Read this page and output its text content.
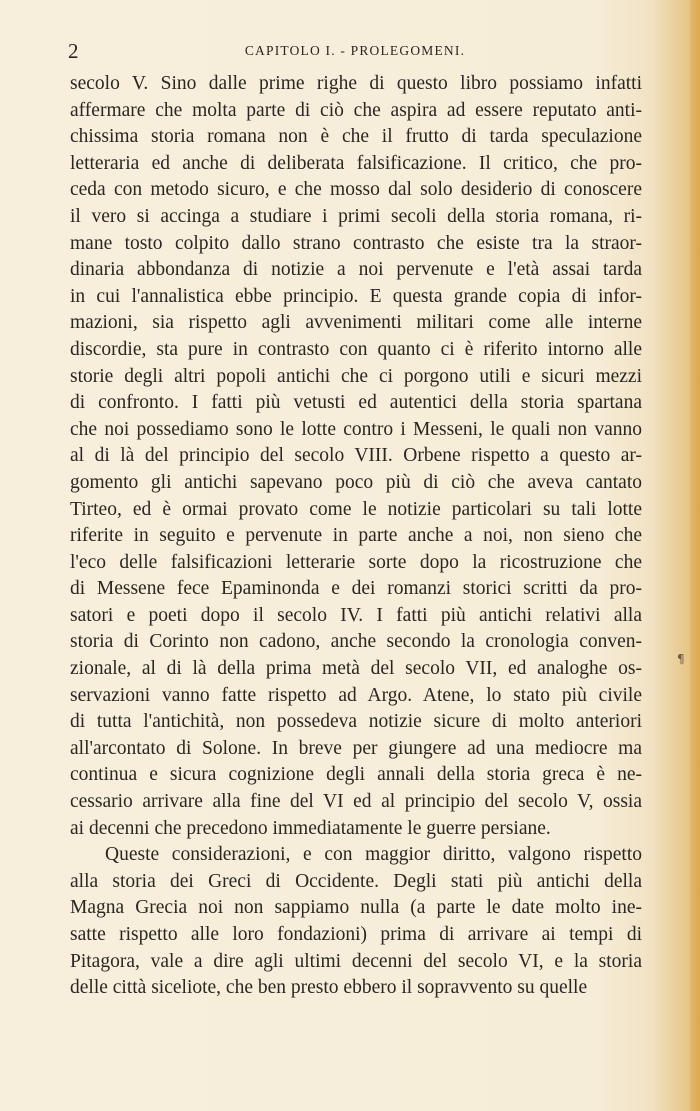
2	CAPITOLO I. - PROLEGOMENI.
secolo V. Sino dalle prime righe di questo libro possiamo infatti
affermare che molta parte di ciò che aspira ad essere reputato anti-
chissima storia romana non è che il frutto di tarda speculazione
letteraria ed anche di deliberata falsificazione. Il critico, che pro-
ceda con metodo sicuro, e che mosso dal solo desiderio di conoscere
il vero si accinga a studiare i primi secoli della storia romana, ri-
mane tosto colpito dallo strano contrasto che esiste tra la straor-
dinaria abbondanza di notizie a noi pervenute e l'età assai tarda
in cui l'annalistica ebbe principio. E questa grande copia di infor-
mazioni, sia rispetto agli avvenimenti militari come alle interne
discordie, sta pure in contrasto con quanto ci è riferito intorno alle
storie degli altri popoli antichi che ci porgono utili e sicuri mezzi
di confronto. I fatti più vetusti ed autentici della storia spartana
che noi possediamo sono le lotte contro i Messeni, le quali non vanno
al di là del principio del secolo VIII. Orbene rispetto a questo ar-
gomento gli antichi sapevano poco più di ciò che aveva cantato
Tirteo, ed è ormai provato come le notizie particolari su tali lotte
riferite in seguito e pervenute in parte anche a noi, non sieno che
l'eco delle falsificazioni letterarie sorte dopo la ricostruzione che
di Messene fece Epaminonda e dei romanzi storici scritti da pro-
satori e poeti dopo il secolo IV. I fatti più antichi relativi alla
storia di Corinto non cadono, anche secondo la cronologia conven-
zionale, al di là della prima metà del secolo VII, ed analoghe os-
servazioni vanno fatte rispetto ad Argo. Atene, lo stato più civile
di tutta l'antichità, non possedeva notizie sicure di molto anteriori
all'arcontato di Solone. In breve per giungere ad una mediocre ma
continua e sicura cognizione degli annali della storia greca è ne-
cessario arrivare alla fine del VI ed al principio del secolo V, ossia
ai decenni che precedono immediatamente le guerre persiane.
Queste considerazioni, e con maggior diritto, valgono rispetto
alla storia dei Greci di Occidente. Degli stati più antichi della
Magna Grecia noi non sappiamo nulla (a parte le date molto ine-
satte rispetto alle loro fondazioni) prima di arrivare ai tempi di
Pitagora, vale a dire agli ultimi decenni del secolo VI, e la storia
delle città siceliote, che ben presto ebbero il sopravvento su quelle
¶
